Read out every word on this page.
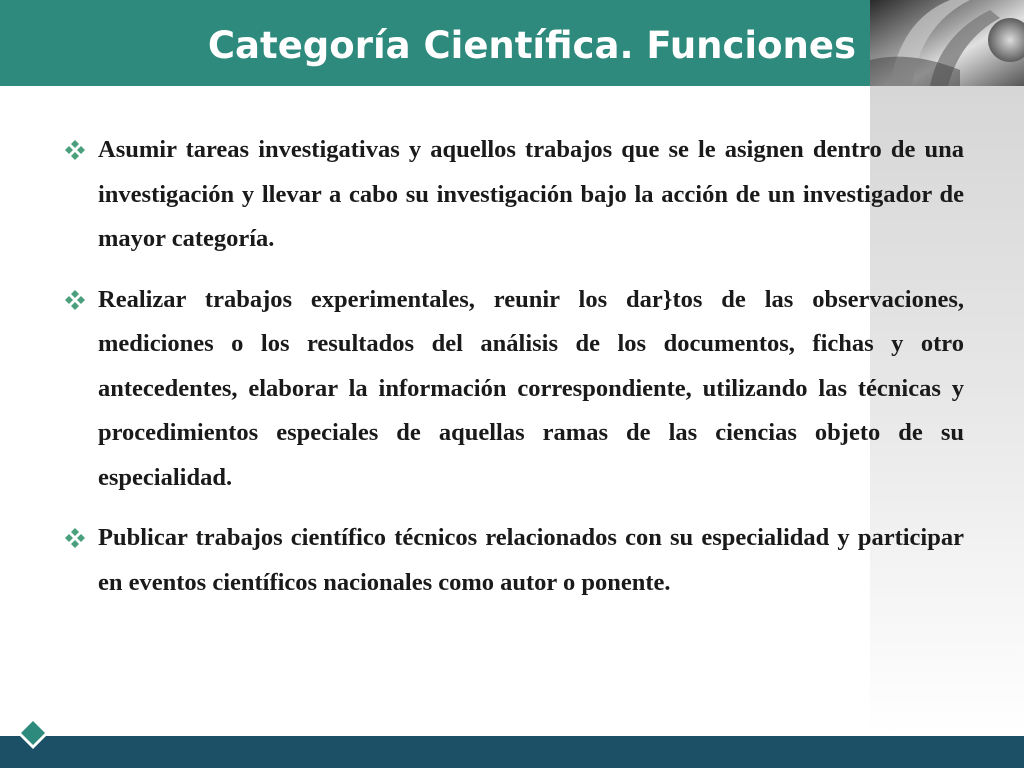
Categoría Científica. Funciones
Asumir tareas investigativas y aquellos trabajos que se le asignen dentro de una investigación y llevar a cabo su investigación bajo la acción de un investigador de mayor categoría.
Realizar trabajos experimentales, reunir los dar}tos de las observaciones, mediciones o los resultados del análisis de los documentos, fichas y otro antecedentes, elaborar la información correspondiente, utilizando las técnicas y procedimientos especiales de aquellas ramas de las ciencias objeto de su especialidad.
Publicar trabajos científico técnicos relacionados con su especialidad y participar en eventos científicos nacionales como autor o ponente.
